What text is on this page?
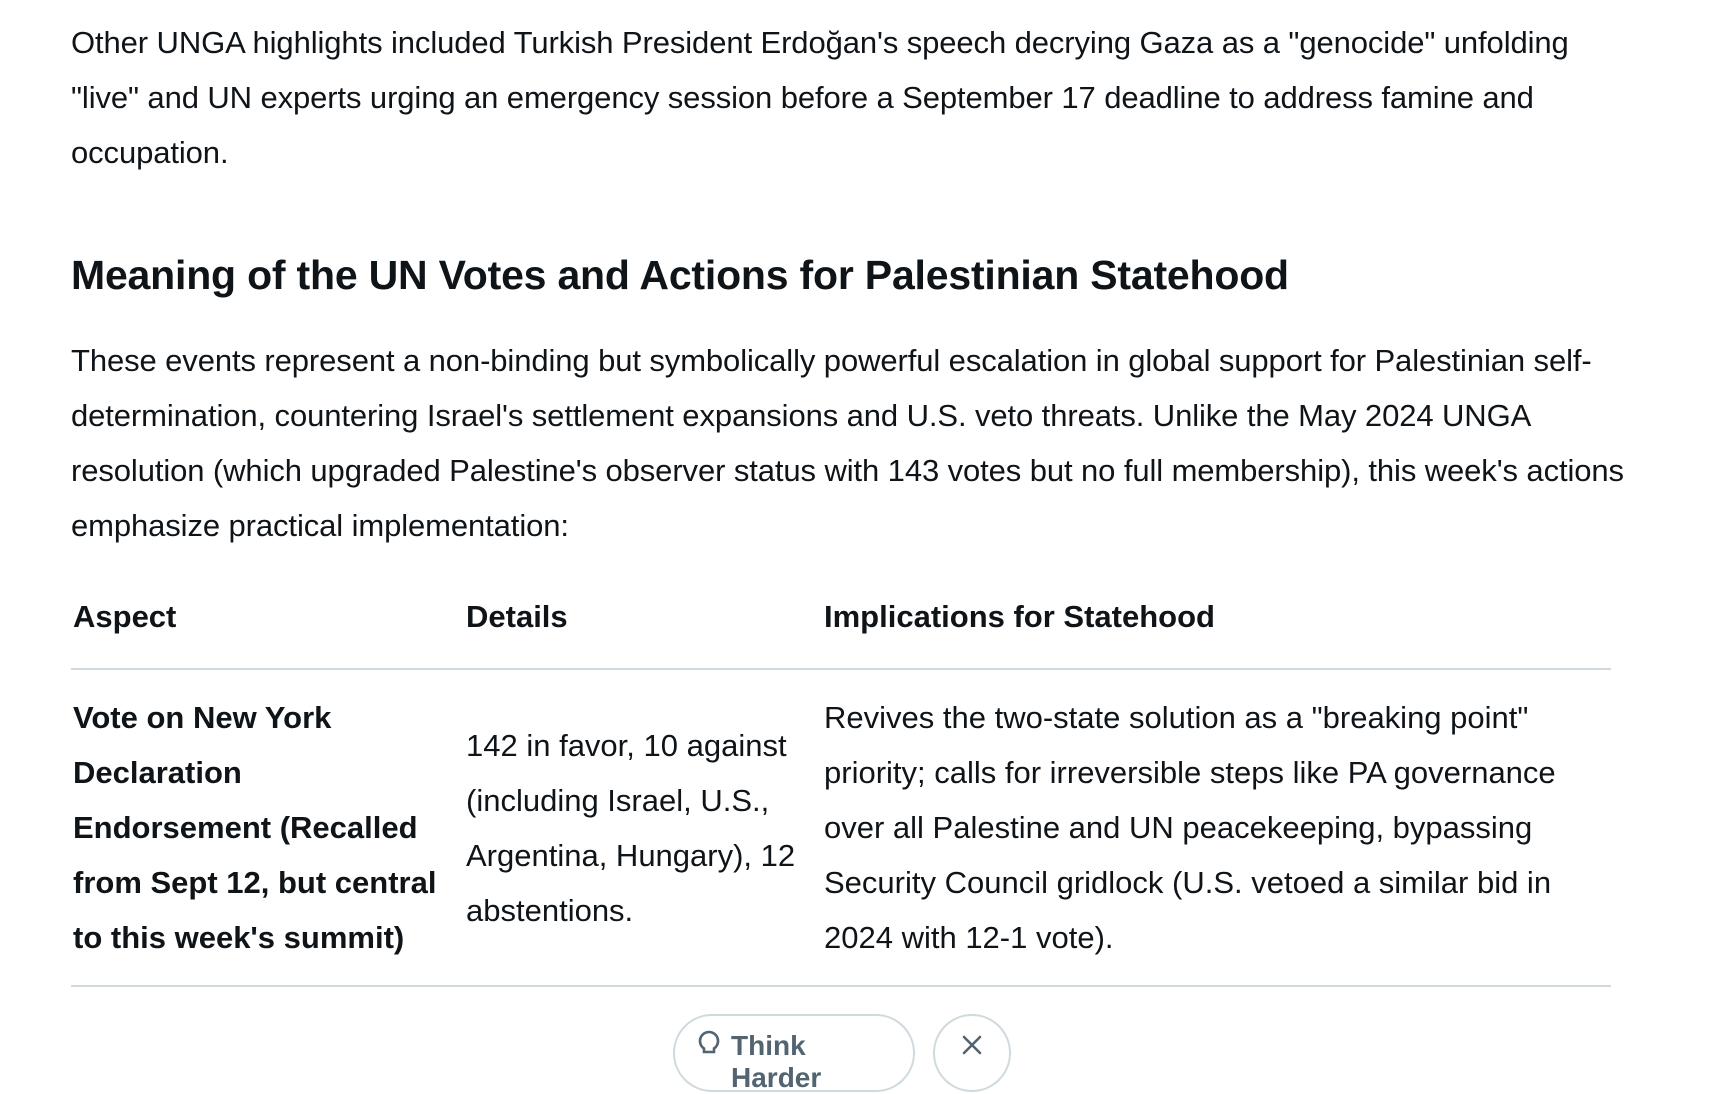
Other UNGA highlights included Turkish President Erdoğan's speech decrying Gaza as a "genocide" unfolding "live" and UN experts urging an emergency session before a September 17 deadline to address famine and occupation.

Meaning of the UN Votes and Actions for Palestinian Statehood

These events represent a non-binding but symbolically powerful escalation in global support for Palestinian self-determination, countering Israel's settlement expansions and U.S. veto threats. Unlike the May 2024 UNGA resolution (which upgraded Palestine's observer status with 143 votes but no full membership), this week's actions emphasize practical implementation:

Aspect	Details	Implications for Statehood
Vote on New York Declaration Endorsement (Recalled from Sept 12, but central to this week's summit)	142 in favor, 10 against (including Israel, U.S., Argentina, Hungary), 12 abstentions.	Revives the two-state solution as a "breaking point" priority; calls for irreversible steps like PA governance over all Palestine and UN peacekeeping, bypassing Security Council gridlock (U.S. vetoed a similar bid in 2024 with 12-1 vote).
Think Harder
